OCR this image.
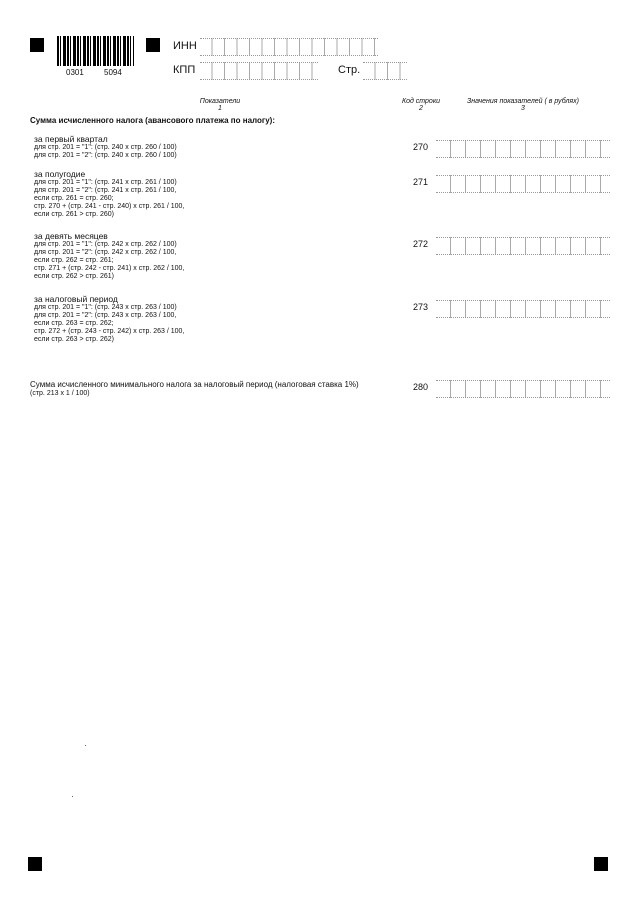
0301	5094
ИНН
КПП	Стр.
Показатели
1
Код строки
2
Значения показателей ( в рублях)
3
Сумма исчисленного налога (авансового платежа по налогу):
за первый квартал
для стр. 201 = "1": (стр. 240 х стр. 260 / 100)
для стр. 201 = "2": (стр. 240 х стр. 260 / 100)
270
за полугодие
для стр. 201 = "1": (стр. 241 х стр. 261 / 100)
для стр. 201 = "2": (стр. 241 х стр. 261 / 100,
если стр. 261 = стр. 260;
стр. 270 + (стр. 241 - стр. 240) х стр. 261 / 100,
если стр. 261 > стр. 260)
271
за девять месяцев
для стр. 201 = "1": (стр. 242 х стр. 262 / 100)
для стр. 201 = "2": (стр. 242 х стр. 262 / 100,
если стр. 262 = стр. 261;
стр. 271 + (стр. 242 - стр. 241) х стр. 262 / 100,
если стр. 262 > стр. 261)
272
за налоговый период
для стр. 201 = "1": (стр. 243 х стр. 263 / 100)
для стр. 201 = "2": (стр. 243 х стр. 263 / 100,
если стр. 263 = стр. 262;
стр. 272 + (стр. 243 - стр. 242) х стр. 263 / 100,
если стр. 263 > стр. 262)
273
Сумма исчисленного минимального налога за налоговый период (налоговая ставка 1%)
(стр. 213 х 1 / 100)
280
